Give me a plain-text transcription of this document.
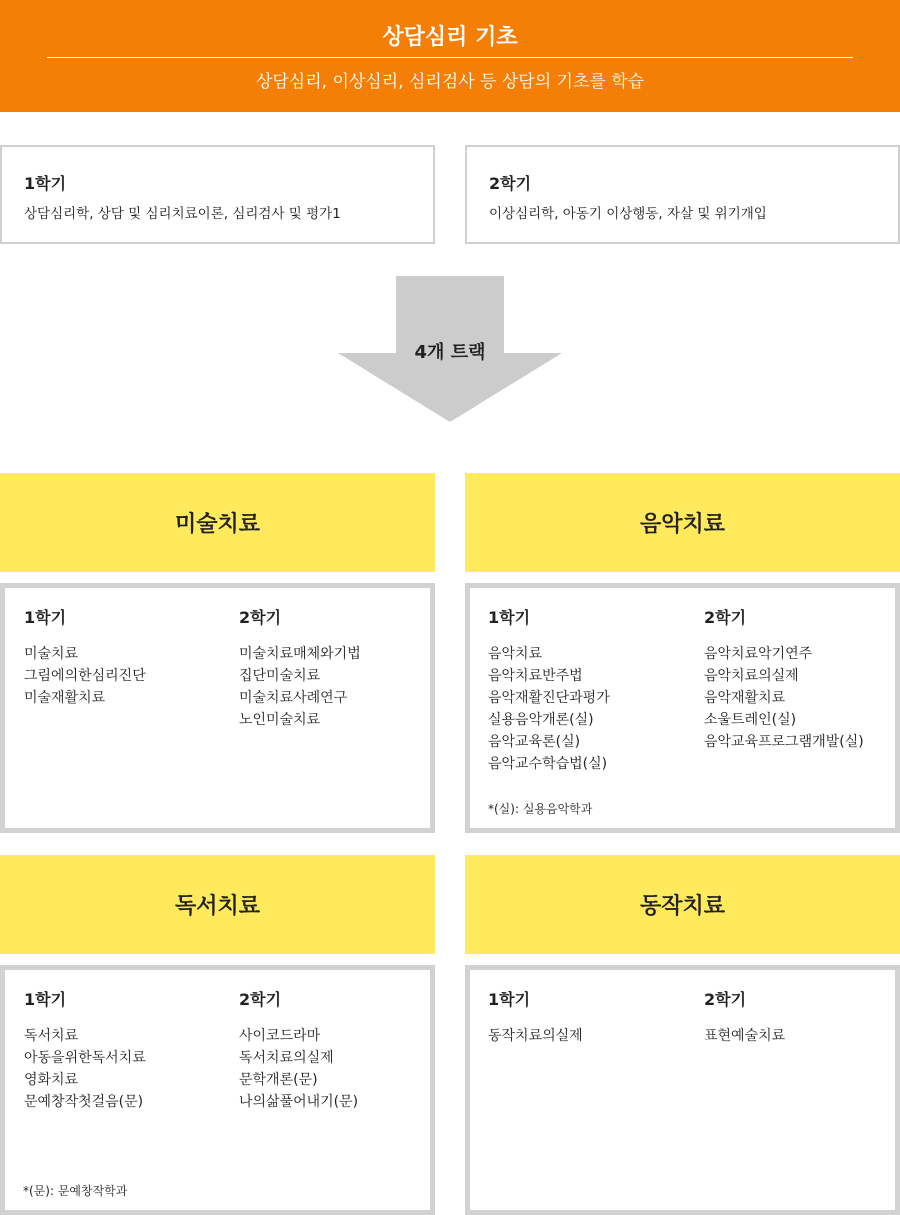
상담심리 기초
상담심리, 이상심리, 심리검사 등 상담의 기초를 학습
1학기
상담심리학, 상담 및 심리치료이론, 심리검사 및 평가1
2학기
이상심리학, 아동기 이상행동, 자살 및 위기개입
4개 트랙
미술치료
1학기
미술치료
그림에의한심리진단
미술재활치료
2학기
미술치료매체와기법
집단미술치료
미술치료사례연구
노인미술치료
음악치료
1학기
음악치료
음악치료반주법
음악재활진단과평가
실용음악개론(실)
음악교육론(실)
음악교수학습법(실)
2학기
음악치료악기연주
음악치료의실제
음악재활치료
소울트레인(실)
음악교육프로그램개발(실)
*(실): 실용음악학과
독서치료
1학기
독서치료
아동을위한독서치료
영화치료
문예창작첫걸음(문)
2학기
사이코드라마
독서치료의실제
문학개론(문)
나의삶풀어내기(문)
*(문): 문예창작학과
동작치료
1학기
동작치료의실제
2학기
표현예술치료
